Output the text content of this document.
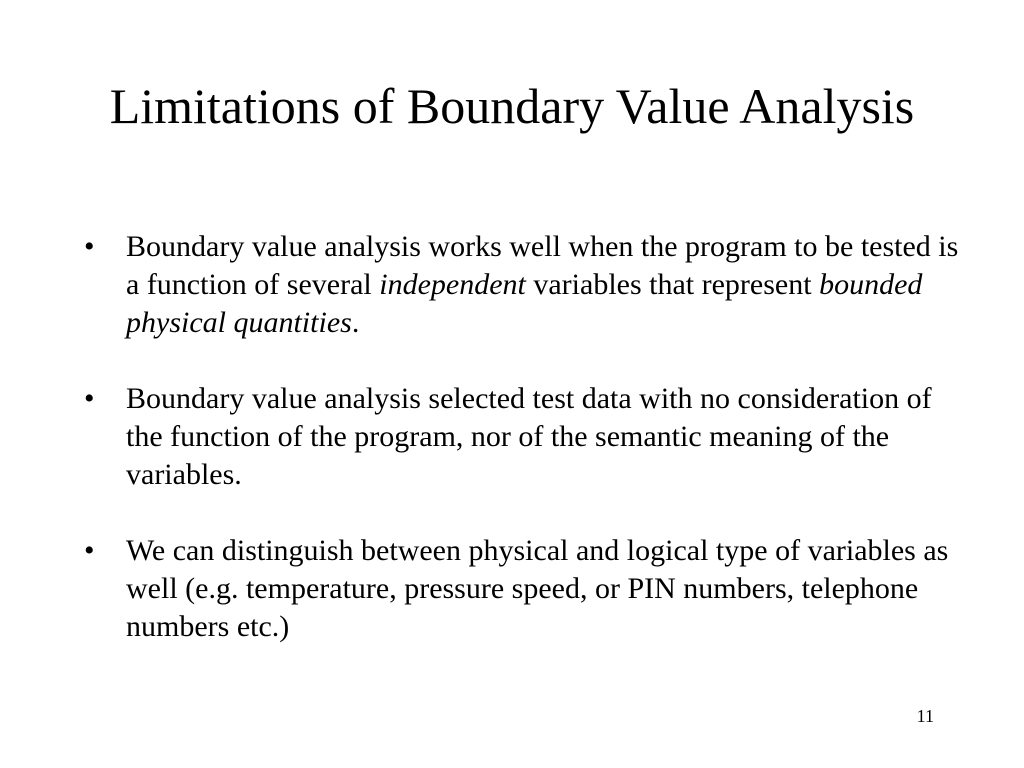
Limitations of Boundary Value Analysis
• Boundary value analysis works well when the program to be tested is a function of several independent variables that represent bounded physical quantities.
• Boundary value analysis selected test data with no consideration of the function of the program, nor of the semantic meaning of the variables.
• We can distinguish between physical and logical type of variables as well (e.g. temperature, pressure speed, or PIN numbers, telephone numbers etc.)
11
